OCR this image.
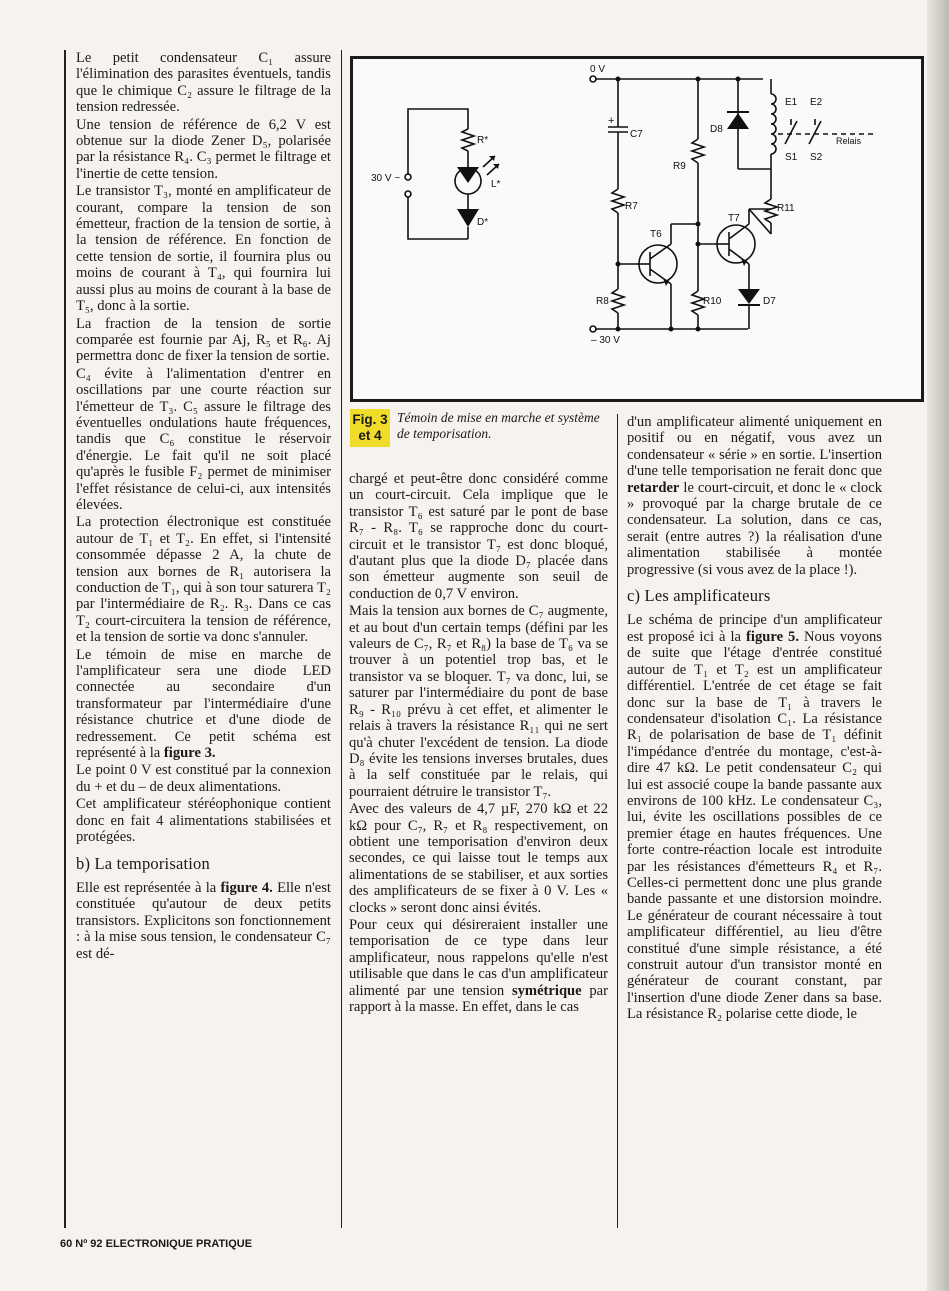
Le petit condensateur C₁ assure l'élimination des parasites éventuels, tandis que le chimique C₂ assure le filtrage de la tension redressée.

Une tension de référence de 6,2 V est obtenue sur la diode Zener D₅, polarisée par la résistance R₄. C₃ permet le filtrage et l'inertie de cette tension.

Le transistor T₃, monté en amplificateur de courant, compare la tension de son émetteur, fraction de la tension de sortie, à la tension de référence. En fonction de cette tension de sortie, il fournira plus ou moins de courant à T₄, qui fournira lui aussi plus au moins de courant à la base de T₅, donc à la sortie.

La fraction de la tension de sortie comparée est fournie par Aj, R₅ et R₆. Aj permettra donc de fixer la tension de sortie.

C₄ évite à l'alimentation d'entrer en oscillations par une courte réaction sur l'émetteur de T₃. C₅ assure le filtrage des éventuelles ondulations haute fréquences, tandis que C₆ constitue le réservoir d'énergie. Le fait qu'il ne soit placé qu'après le fusible F₂ permet de minimiser l'effet résistance de celui-ci, aux intensités élevées.

La protection électronique est constituée autour de T₁ et T₂. En effet, si l'intensité consommée dépasse 2 A, la chute de tension aux bornes de R₁ autorisera la conduction de T₁, qui à son tour saturera T₂ par l'intermédiaire de R₂. R₃. Dans ce cas T₂ court-circuitera la tension de référence, et la tension de sortie va donc s'annuler.

Le témoin de mise en marche de l'amplificateur sera une diode LED connectée au secondaire d'un transformateur par l'intermédiaire d'une résistance chutrice et d'une diode de redressement. Ce petit schéma est représenté à la figure 3.

Le point 0 V est constitué par la connexion du + et du – de deux alimentations.

Cet amplificateur stéréophonique contient donc en fait 4 alimentations stabilisées et protégées.

b) La temporisation

Elle est représentée à la figure 4. Elle n'est constituée qu'autour de deux petits transistors. Explicitons son fonctionnement : à la mise sous tension, le condensateur C₇ est dé-

0 V
– 30 V
30 V ~
R*
L*
D*
+
C7
R7
R8
R9
R10
R11
T6
T7
D7
D8
E1 E2
S1 S2
Relais
Fig. 3
et 4
Témoin de mise en marche et système de temporisation.

chargé et peut-être donc considéré comme un court-circuit. Cela implique que le transistor T₆ est saturé par le pont de base R₇ - R₈. T₆ se rapproche donc du court-circuit et le transistor T₇ est donc bloqué, d'autant plus que la diode D₇ placée dans son émetteur augmente son seuil de conduction de 0,7 V environ.

Mais la tension aux bornes de C₇ augmente, et au bout d'un certain temps (défini par les valeurs de C₇, R₇ et R₈) la base de T₆ va se trouver à un potentiel trop bas, et le transistor va se bloquer. T₇ va donc, lui, se saturer par l'intermédiaire du pont de base R₉ - R₁₀ prévu à cet effet, et alimenter le relais à travers la résistance R₁₁ qui ne sert qu'à chuter l'excédent de tension. La diode D₈ évite les tensions inverses brutales, dues à la self constituée par le relais, qui pourraient détruire le transistor T₇.

Avec des valeurs de 4,7 µF, 270 kΩ et 22 kΩ pour C₇, R₇ et R₈ respectivement, on obtient une temporisation d'environ deux secondes, ce qui laisse tout le temps aux alimentations de se stabiliser, et aux sorties des amplificateurs de se fixer à 0 V. Les « clocks » seront donc ainsi évités.

Pour ceux qui désireraient installer une temporisation de ce type dans leur amplificateur, nous rappelons qu'elle n'est utilisable que dans le cas d'un amplificateur alimenté par une tension symétrique par rapport à la masse. En effet, dans le cas

d'un amplificateur alimenté uniquement en positif ou en négatif, vous avez un condensateur « série » en sortie. L'insertion d'une telle temporisation ne ferait donc que retarder le court-circuit, et donc le « clock » provoqué par la charge brutale de ce condensateur. La solution, dans ce cas, serait (entre autres ?) la réalisation d'une alimentation stabilisée à montée progressive (si vous avez de la place !).

c) Les amplificateurs

Le schéma de principe d'un amplificateur est proposé ici à la figure 5. Nous voyons de suite que l'étage d'entrée constitué autour de T₁ et T₂ est un amplificateur différentiel. L'entrée de cet étage se fait donc sur la base de T₁ à travers le condensateur d'isolation C₁. La résistance R₁ de polarisation de base de T₁ définit l'impédance d'entrée du montage, c'est-à-dire 47 kΩ. Le petit condensateur C₂ qui lui est associé coupe la bande passante aux environs de 100 kHz. Le condensateur C₃, lui, évite les oscillations possibles de ce premier étage en hautes fréquences. Une forte contre-réaction locale est introduite par les résistances d'émetteurs R₄ et R₇. Celles-ci permettent donc une plus grande bande passante et une distorsion moindre. Le générateur de courant nécessaire à tout amplificateur différentiel, au lieu d'être constitué d'une simple résistance, a été construit autour d'un transistor monté en générateur de courant constant, par l'insertion d'une diode Zener dans sa base. La résistance R₂ polarise cette diode, le

60 Nº 92 ELECTRONIQUE PRATIQUE
